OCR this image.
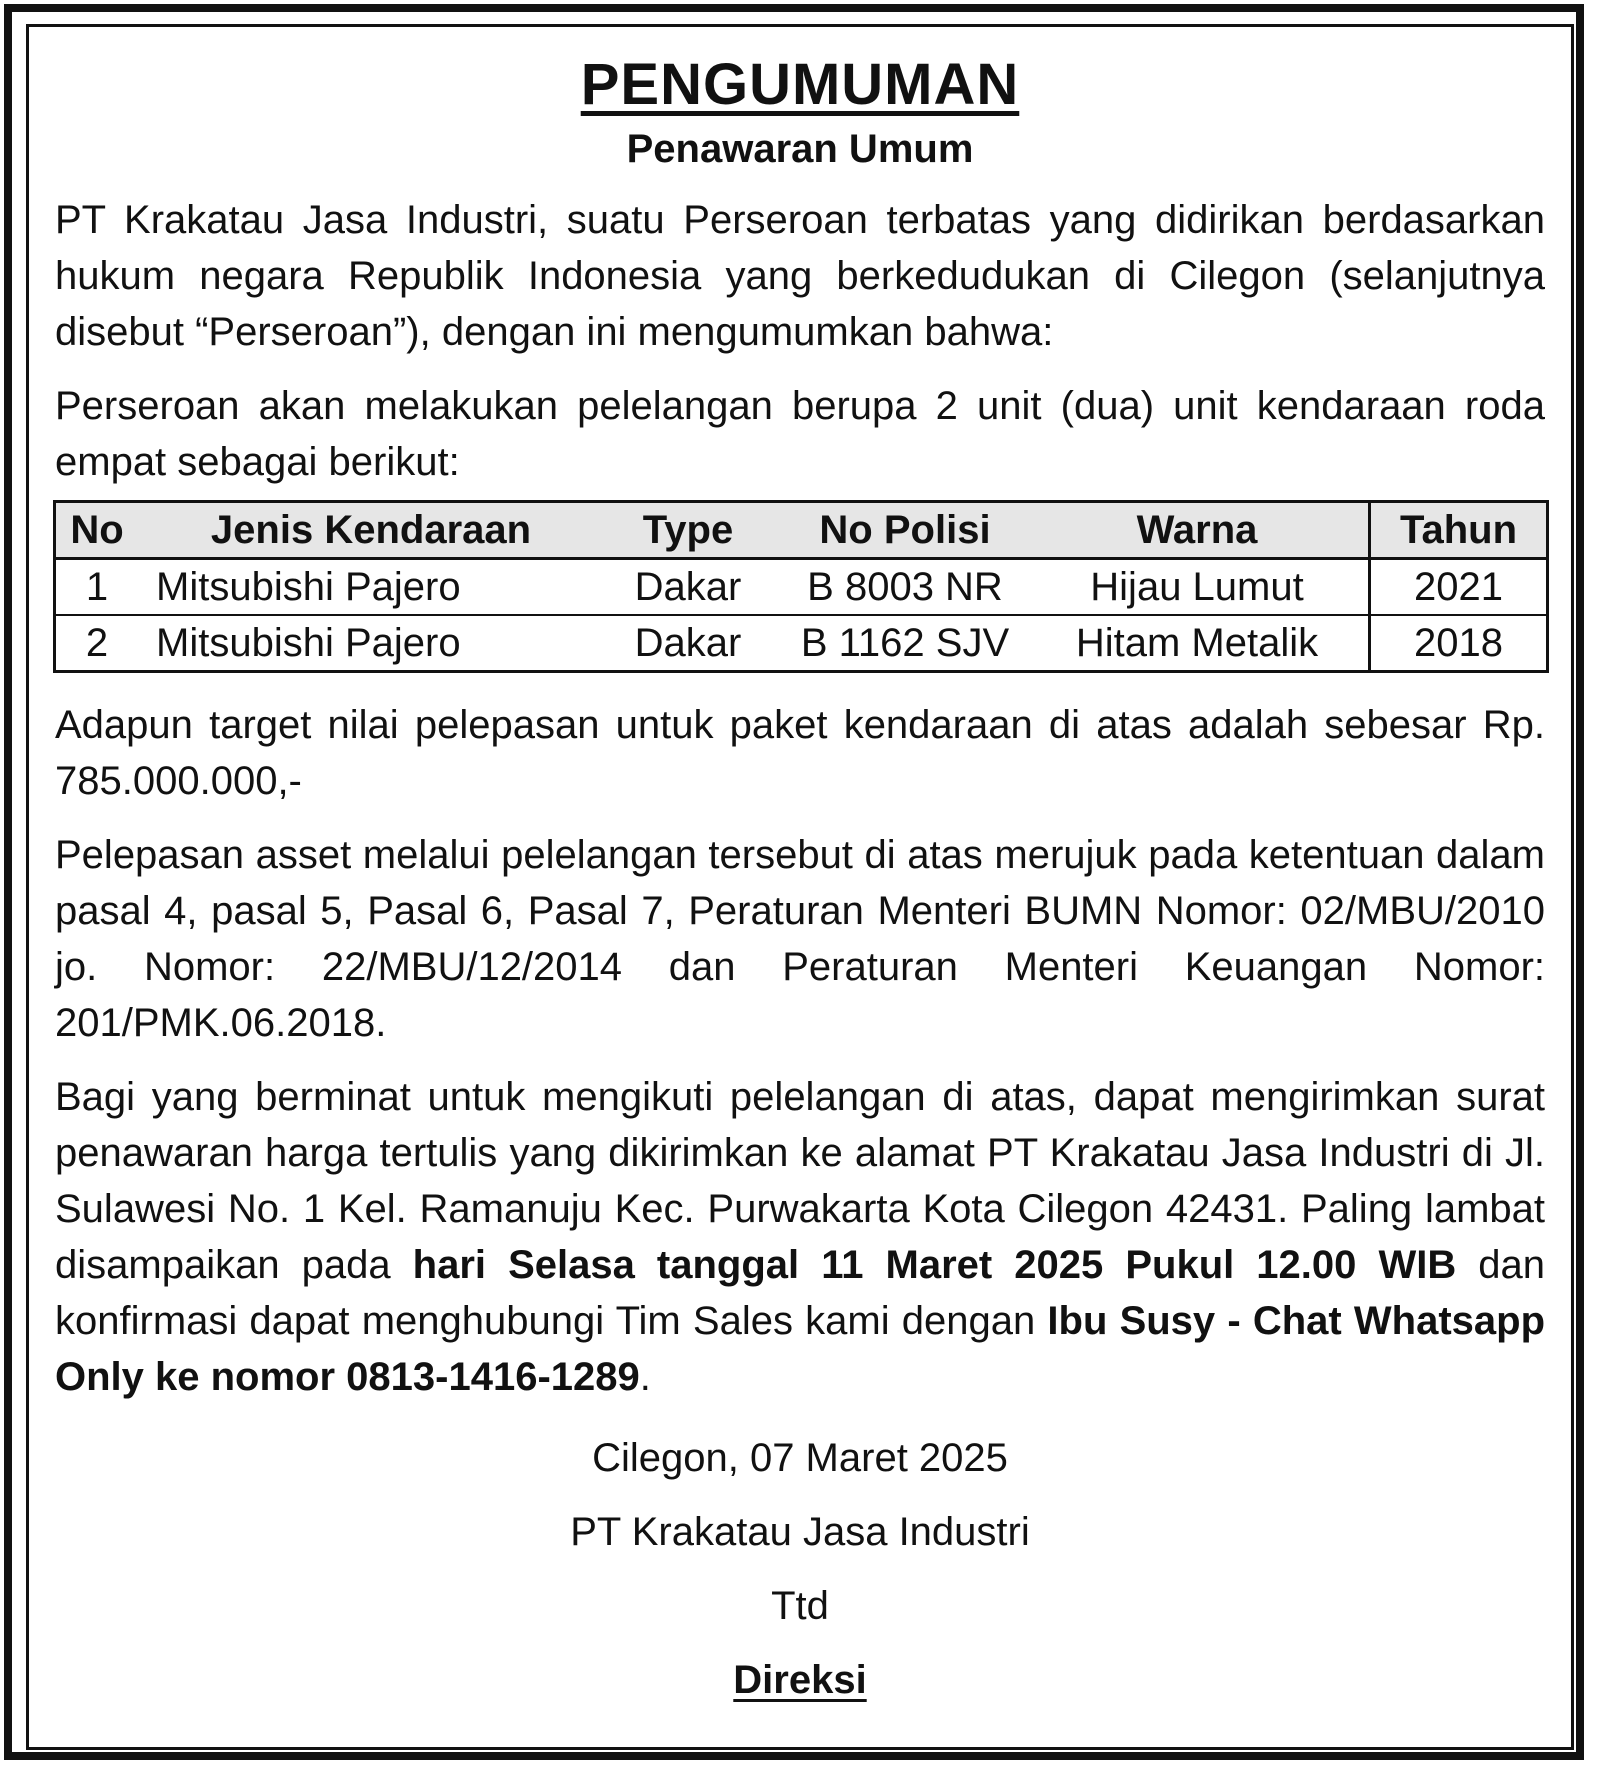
PENGUMUMAN
Penawaran Umum

PT Krakatau Jasa Industri, suatu Perseroan terbatas yang didirikan berdasarkan hukum negara Republik Indonesia yang berkedudukan di Cilegon (selanjutnya disebut “Perseroan”), dengan ini mengumumkan bahwa:

Perseroan akan melakukan pelelangan berupa 2 unit (dua) unit kendaraan roda empat sebagai berikut:

No	Jenis Kendaraan	Type	No Polisi	Warna	Tahun
1	Mitsubishi Pajero	Dakar	B 8003 NR	Hijau Lumut	2021
2	Mitsubishi Pajero	Dakar	B 1162 SJV	Hitam Metalik	2018

Adapun target nilai pelepasan untuk paket kendaraan di atas adalah sebesar Rp. 785.000.000,-

Pelepasan asset melalui pelelangan tersebut di atas merujuk pada ketentuan dalam pasal 4, pasal 5, Pasal 6, Pasal 7, Peraturan Menteri BUMN Nomor: 02/MBU/2010 jo. Nomor: 22/MBU/12/2014 dan Peraturan Menteri Keuangan Nomor: 201/PMK.06.2018.

Bagi yang berminat untuk mengikuti pelelangan di atas, dapat mengirimkan surat penawaran harga tertulis yang dikirimkan ke alamat PT Krakatau Jasa Industri di Jl. Sulawesi No. 1 Kel. Ramanuju Kec. Purwakarta Kota Cilegon 42431. Paling lambat disampaikan pada hari Selasa tanggal 11 Maret 2025 Pukul 12.00 WIB dan konfirmasi dapat menghubungi Tim Sales kami dengan Ibu Susy - Chat Whatsapp Only ke nomor 0813-1416-1289.

Cilegon, 07 Maret 2025

PT Krakatau Jasa Industri

Ttd

Direksi
